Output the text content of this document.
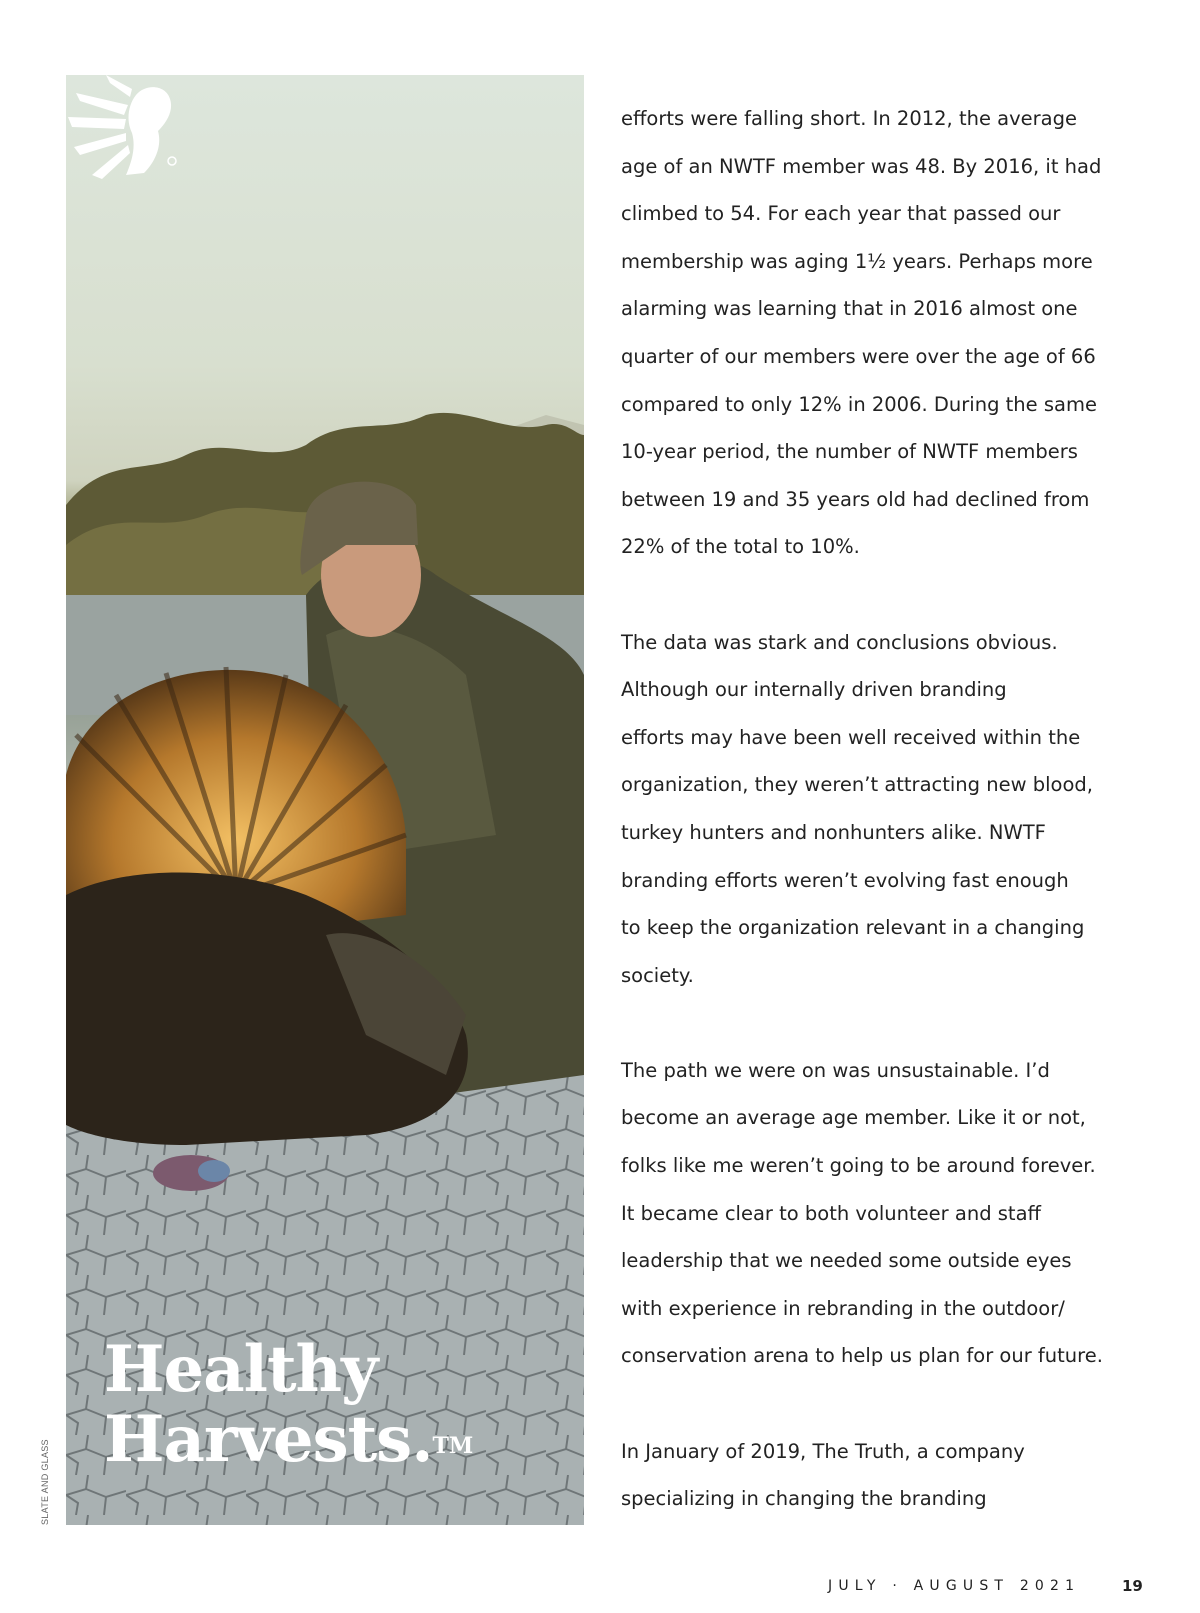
Healthy
Harvests.™
SLATE AND GLASS

efforts were falling short. In 2012, the average
age of an NWTF member was 48. By 2016, it had
climbed to 54. For each year that passed our
membership was aging 1½ years. Perhaps more
alarming was learning that in 2016 almost one
quarter of our members were over the age of 66
compared to only 12% in 2006. During the same
10-year period, the number of NWTF members
between 19 and 35 years old had declined from
22% of the total to 10%.

The data was stark and conclusions obvious.
Although our internally driven branding
efforts may have been well received within the
organization, they weren’t attracting new blood,
turkey hunters and nonhunters alike. NWTF
branding efforts weren’t evolving fast enough
to keep the organization relevant in a changing
society.

The path we were on was unsustainable. I’d
become an average age member. Like it or not,
folks like me weren’t going to be around forever.
It became clear to both volunteer and staff
leadership that we needed some outside eyes
with experience in rebranding in the outdoor/
conservation arena to help us plan for our future.

In January of 2019, The Truth, a company
specializing in changing the branding

JULY · AUGUST 2021	19
